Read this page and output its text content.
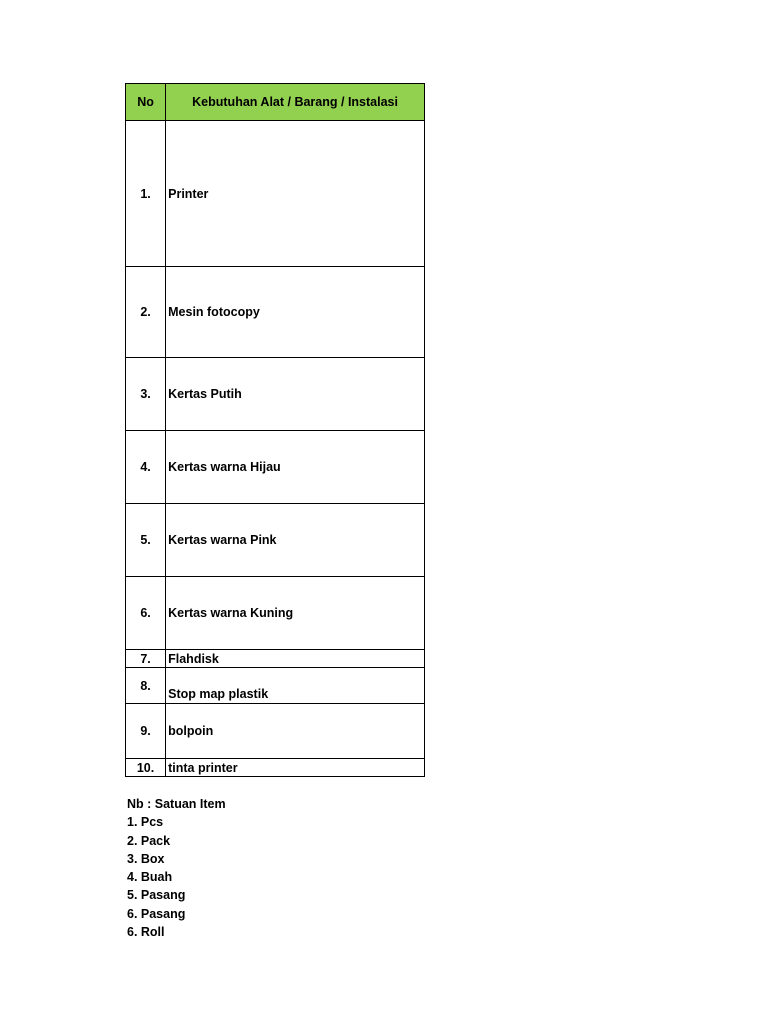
No	Kebutuhan Alat / Barang / Instalasi
1.	Printer
2.	Mesin fotocopy
3.	Kertas Putih
4.	Kertas warna Hijau
5.	Kertas warna Pink
6.	Kertas warna Kuning
7.	Flahdisk
8.	Stop map plastik
9.	bolpoin
10.	tinta printer
Nb : Satuan Item
1. Pcs
2. Pack
3. Box
4. Buah
5. Pasang
6. Pasang
6. Roll
